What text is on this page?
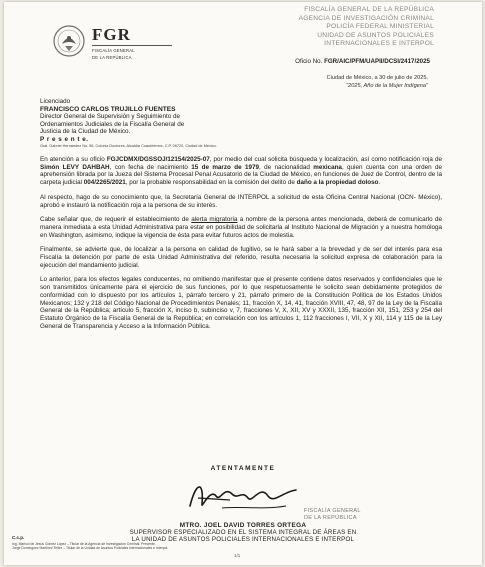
FGR
FISCALÍA GENERAL
DE LA REPÚBLICA
FISCALÍA GENERAL DE LA REPÚBLICA
AGENCIA DE INVESTIGACIÓN CRIMINAL
POLICÍA FEDERAL MINISTERIAL
UNIDAD DE ASUNTOS POLICIALES
INTERNACIONALES E INTERPOL
Oficio No. FGR/AIC/PFM/UAPII/DCSI/2417/2025
Ciudad de México, a 30 de julio de 2025.
"2025, Año de la Mujer Indígena"
Licenciado
FRANCISCO CARLOS TRUJILLO FUENTES
Director General de Supervisión y Seguimiento de
Ordenamientos Judiciales de la Fiscalía General de
Justicia de la Ciudad de México.
P r e s e n t e.
Gral. Gabriel Hernández No. 56, Colonia Doctores, Alcaldía Cuauhtémoc, C.P. 06720, Ciudad de México.

En atención a su oficio FGJCDMX/DGSSOJ/12154/2025-07, por medio del cual solicita búsqueda y localización, así como notificación roja de Simón LEVY DAHBAH, con fecha de nacimiento 15 de marzo de 1979, de nacionalidad mexicana, quien cuenta con una orden de aprehensión librada por la Jueza del Sistema Procesal Penal Acusatorio de la Ciudad de México, en funciones de Juez de Control, dentro de la carpeta judicial 004/2265/2021, por la probable responsabilidad en la comisión del delito de daño a la propiedad doloso.

Al respecto, hago de su conocimiento que, la Secretaría General de INTERPOL a solicitud de esta Oficina Central Nacional (OCN- México), aprobó e instauró la notificación roja a la persona de su interés.

Cabe señalar que, de requerir el establecimiento de alerta migratoria a nombre de la persona antes mencionada, deberá de comunicarlo de manera inmediata a esta Unidad Administrativa para estar en posibilidad de solicitarla al Instituto Nacional de Migración y a nuestra homóloga en Washington, asimismo, indique la vigencia de ésta para evitar futuros actos de molestia.

Finalmente, se advierte que, de localizar a la persona en calidad de fugitivo, se le hará saber a la brevedad y de ser del interés para esa Fiscalía la detención por parte de esta Unidad Administrativa del referido, resulta necesaria la solicitud expresa de colaboración para la ejecución del mandamiento judicial.

Lo anterior, para los efectos legales conducentes, no omitiendo manifestar que el presente contiene datos reservados y confidenciales que le son transmitidos únicamente para el ejercicio de sus funciones, por lo que respetuosamente le solicito sean debidamente protegidos de conformidad con lo dispuesto por los artículos 1, párrafo tercero y 21, párrafo primero de la Constitución Política de los Estados Unidos Mexicanos; 132 y 218 del Código Nacional de Procedimientos Penales; 11, fracción X, 14, 41, fracción XVIII, 47, 48, 97 de la Ley de la Fiscalía General de la República; artículo 5, fracción X, inciso b, subinciso v, 7, fracciones V, X, XII, XV y XXXII, 135, fracción XII, 151, 253 y 254 del Estatuto Orgánico de la Fiscalía General de la República; en correlación con los artículos 1, 112 fracciones I, VII, X y XII, 114 y 115 de la Ley General de Transparencia y Acceso a la Información Pública.

ATENTAMENTE
FISCALÍA GENERAL
DE LA REPÚBLICA
MTRO. JOEL DAVID TORRES ORTEGA
SUPERVISOR ESPECIALIZADO EN EL SISTEMA INTEGRAL DE ÁREAS EN
LA UNIDAD DE ASUNTOS POLICIALES INTERNACIONALES E INTERPOL
C.c.p.
Ing. Marisol de Jesús Gómez López – Titular de la Agencia de Investigación Criminal. Presente.
Jorge Dominguez Martínez Tellez – Titular de la Unidad de Asuntos Policiales Internacionales e Interpol.
1/1
